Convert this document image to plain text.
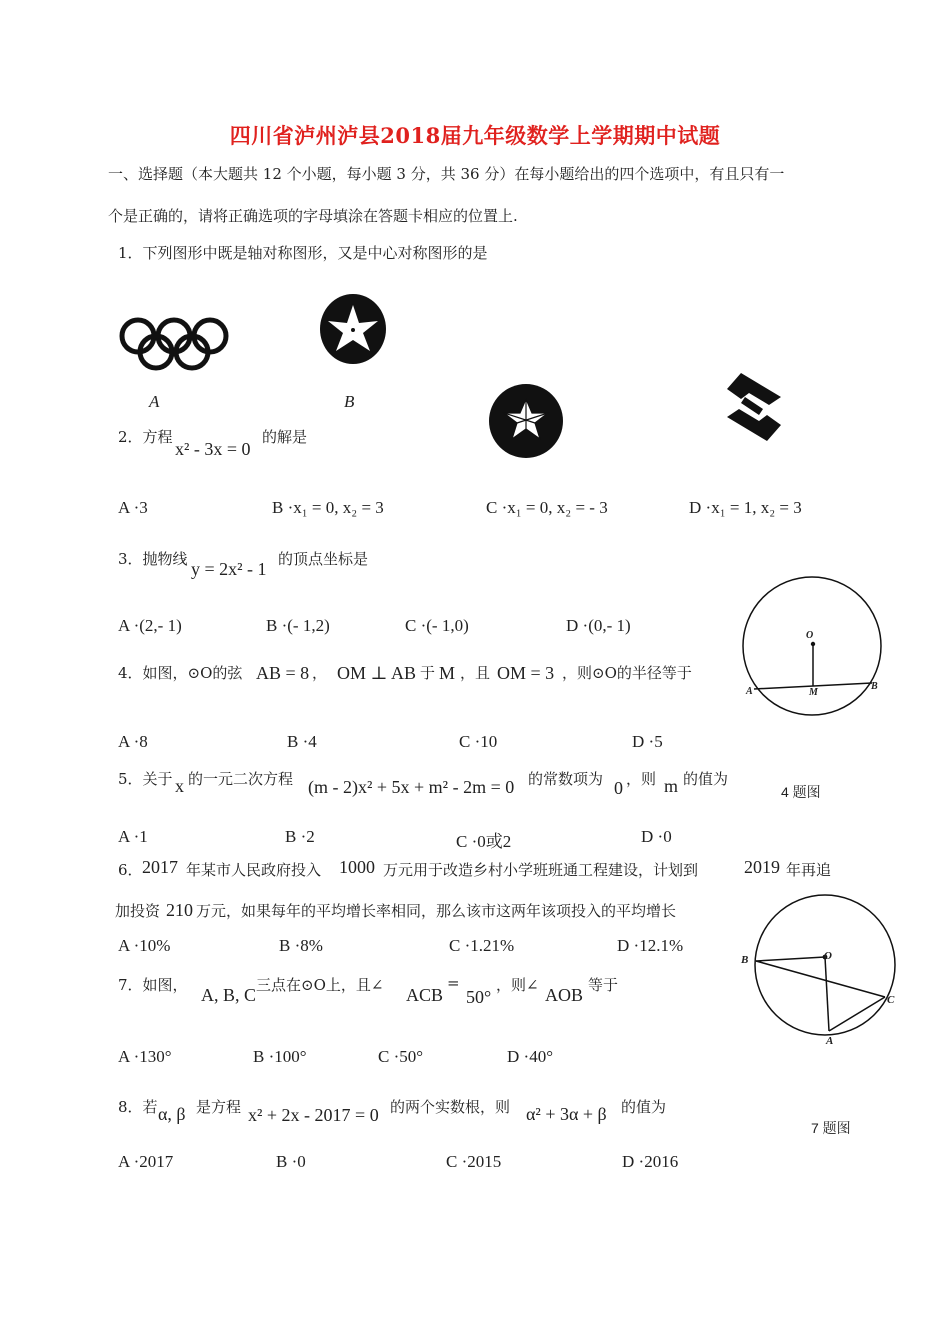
四川省泸州泸县2018届九年级数学上学期期中试题
一、选择题（本大题共 12 个小题，每小题 3 分，共 36 分）在每小题给出的四个选项中，有且只有一
个是正确的，请将正确选项的字母填涂在答题卡相应的位置上.
1．下列图形中既是轴对称图形，又是中心对称图形的是
A	B
2．方程
x² - 3x = 0
的解是
A ·3	B ·x₁ = 0, x₂ = 3	C ·x₁ = 0, x₂ = - 3	D ·x₁ = 1, x₂ = 3
3．抛物线 y = 2x² - 1 的顶点坐标是
A ·(2,- 1)	B ·(- 1,2)	C ·(- 1,0)	D ·(0,- 1)
O
A	M
B
4．如图，⊙O的弦 AB = 8 ， OM ⊥ AB 于 M ，且 OM = 3 ，则⊙O的半径等于
A ·8	B ·4	C ·10	D ·5
4 题图
5．关于 x 的一元二次方程 (m - 2)x² + 5x + m² - 2m = 0 的常数项为 0 ，则 m 的值为
A ·1	B ·2	C ·0或2	D ·0
6． 2017 年某市人民政府投入 1000 万元用于改造乡村小学班班通工程建设，计划到	2019 年再追
加投资 210 万元，如果每年的平均增长率相同，那么该市这两年该项投入的平均增长
A ·10%	B ·8%	C ·1.21%	D ·12.1%
O
B
C
A
7．如图， A, B, C 三点在⊙O上，且∠ ACB
=
50°
，则∠ AOB 等于
A ·130°	B ·100°	C ·50°	D ·40°
8．若 α, β 是方程 x² + 2x - 2017 = 0 的两个实数根，则 α² + 3α + β 的值为
7 题图
A ·2017	B ·0	C ·2015	D ·2016
